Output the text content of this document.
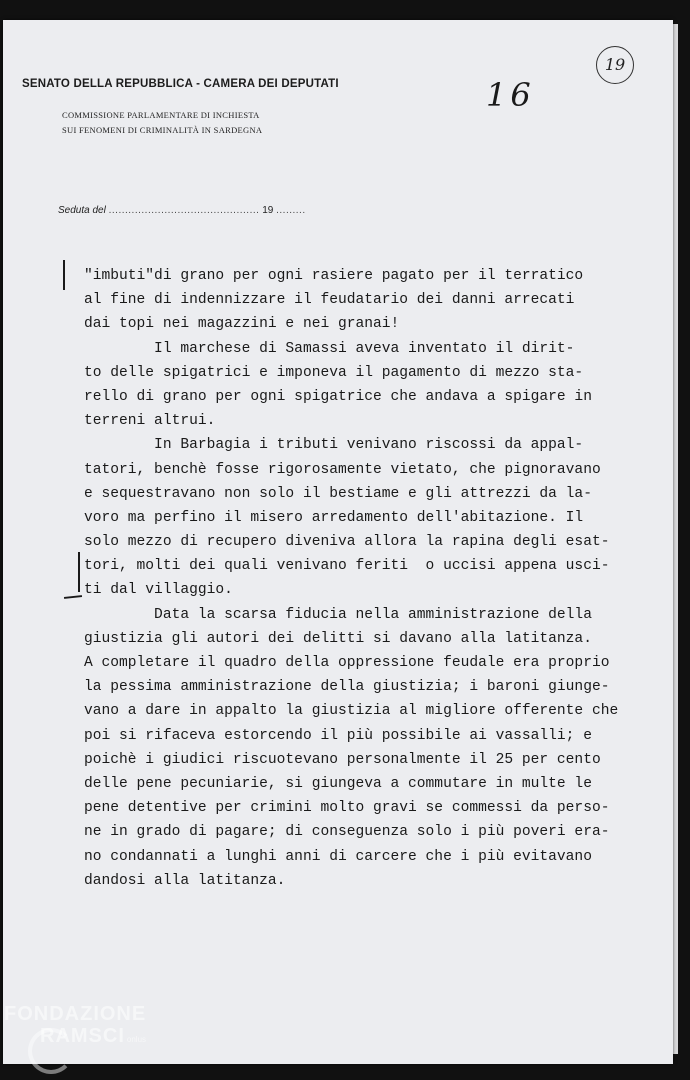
SENATO DELLA REPUBBLICA - CAMERA DEI DEPUTATI
COMMISSIONE PARLAMENTARE DI INCHIESTA
SUI FENOMENI DI CRIMINALITÀ IN SARDEGNA
16
19
Seduta del .............................................. 19 .........
"imbuti"di grano per ogni rasiere pagato per il terratico
al fine di indennizzare il feudatario dei danni arrecati
dai topi nei magazzini e nei granai!
Il marchese di Samassi aveva inventato il dirit-
to delle spigatrici e imponeva il pagamento di mezzo sta-
rello di grano per ogni spigatrice che andava a spigare in
terreni altrui.
In Barbagia i tributi venivano riscossi da appal-
tatori, benchè fosse rigorosamente vietato, che pignoravano
e sequestravano non solo il bestiame e gli attrezzi da la-
voro ma perfino il misero arredamento dell'abitazione. Il
solo mezzo di recupero diveniva allora la rapina degli esat-
tori, molti dei quali venivano feriti  o uccisi appena usci-
ti dal villaggio.
Data la scarsa fiducia nella amministrazione della
giustizia gli autori dei delitti si davano alla latitanza.
A completare il quadro della oppressione feudale era proprio
la pessima amministrazione della giustizia; i baroni giunge-
vano a dare in appalto la giustizia al migliore offerente che
poi si rifaceva estorcendo il più possibile ai vassalli; e
poichè i giudici riscuotevano personalmente il 25 per cento
delle pene pecuniarie, si giungeva a commutare in multe le
pene detentive per crimini molto gravi se commessi da perso-
ne in grado di pagare; di conseguenza solo i più poveri era-
no condannati a lunghi anni di carcere che i più evitavano
dandosi alla latitanza.
FONDAZIONE
RAMSCI onlus
